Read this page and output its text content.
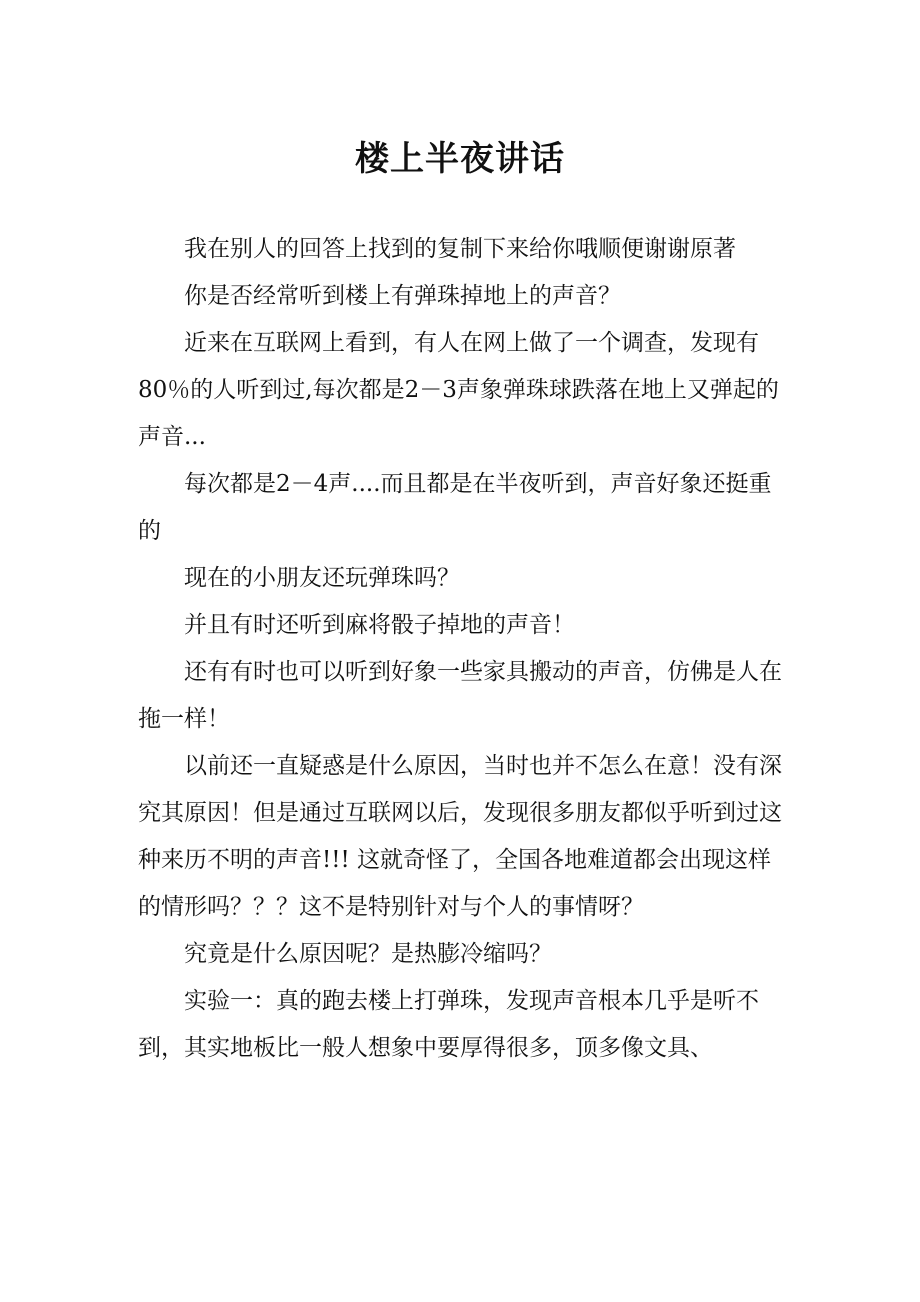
楼上半夜讲话

我在别人的回答上找到的复制下来给你哦顺便谢谢原著

你是否经常听到楼上有弹珠掉地上的声音？

近来在互联网上看到，有人在网上做了一个调查，发现有80％的人听到过,每次都是2－3声象弹珠球跌落在地上又弹起的声音...

每次都是2－4声....而且都是在半夜听到，声音好象还挺重的

现在的小朋友还玩弹珠吗？

并且有时还听到麻将骰子掉地的声音！

还有有时也可以听到好象一些家具搬动的声音，仿佛是人在拖一样！

以前还一直疑惑是什么原因，当时也并不怎么在意！没有深究其原因！但是通过互联网以后，发现很多朋友都似乎听到过这种来历不明的声音!!! 这就奇怪了，全国各地难道都会出现这样的情形吗？？？这不是特别针对与个人的事情呀？

究竟是什么原因呢？是热膨冷缩吗？

实验一：真的跑去楼上打弹珠，发现声音根本几乎是听不到，其实地板比一般人想象中要厚得很多，顶多像文具、
